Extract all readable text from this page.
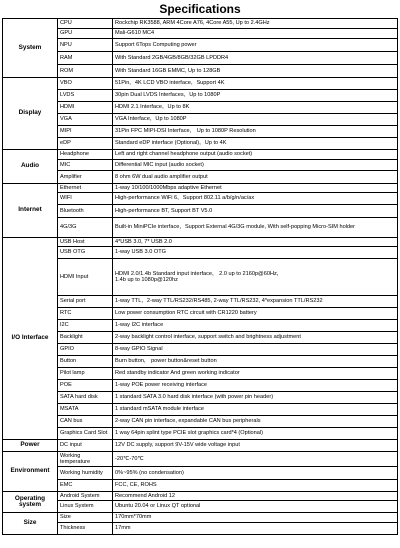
Specifications
System	CPU	Rockchip RK3588, ARM 4Core A76, 4Core A55, Up to 2.4GHz
	GPU	Mali-G610 MC4
	NPU	Support 6Tops Computing power
	RAM	With Standard 2GB/4GB/8GB/32GB LPDDR4
	ROM	With Standard 16GB EMMC, Up to 128GB
Display	VBO	51Pin，4K LCD VBO interface，Support 4K
	LVDS	30pin Dual LVDS Interfaces，Up to 1080P
	HDMI	HDMI 2.1 Interface，Up to 8K
	VGA	VGA Interface，Up to 1080P
	MIPI	31Pin FPC MIPI-DSI Interface， Up to 1080P Resolution
	eDP	Standard eDP interface (Optional)，Up to 4K
Audio	Headphone	Left and right channel headphone output (audio socket)
	MIC	Differential MIC input (audio socket)
	Amplifier	8 ohm 6W dual audio amplifier output
Internet	Ethernet	1-way 10/100/1000Mbps adaptive Ethernet
	WIFI	High-performance WiFi 6，Support 802.11 a/b/g/n/ac/ax
	Bluetooth	High-performance BT, Support BT V5.0
	4G/3G	Built-in MiniPCIe interface，Support External 4G/3G module, With self-popping Micro-SIM holder
I/O Interface	USB Host	4*USB 3.0, 7* USB 2.0
	USB OTG	1-way USB 3.0 OTG
	HDMI Input	HDMI 2.0/1.4b Standard input interface， 2.0 up to 2160p@60Hz，
1.4b up to 1080p@120hz
	Serial port	1-way TTL，2-way TTL/RS232/RS485, 2-way TTL/RS232, 4*expansion TTL/RS232
	RTC	Low power consumption RTC circuit with CR1220 battery
	I2C	1-way I2C interface
	Backlight	2-way backlight control interface, support switch and brightness adjustment
	GPIO	8-way GPIO Signal
	Button	Burn button， power button&reset button
	Pilot lamp	Red standby indicator And green working indicator
	POE	1-way POE power receiving interface
	SATA hard disk	1 standard SATA 3.0 hard disk interface (with power pin header)
	MSATA	1 standard mSATA module interface
	CAN bus	2-way CAN pin interface, expandable CAN bus peripherals
	Graphics Card Slot	1 way 64pin splint type PCIE slot graphics card*4 (Optional)
Power	DC input	12V DC supply, support 9V-15V wide voltage input
Environment	Working temperature	-20℃-70℃
	Working humidity	0%~95% (no condensation)
	EMC	FCC, CE, ROHS
Operating system	Android System	Recommend Android 12
	Linux System	Ubuntu 20.04 or Linux QT optional
Size	Size	170mm*70mm
	Thickness	17mm
